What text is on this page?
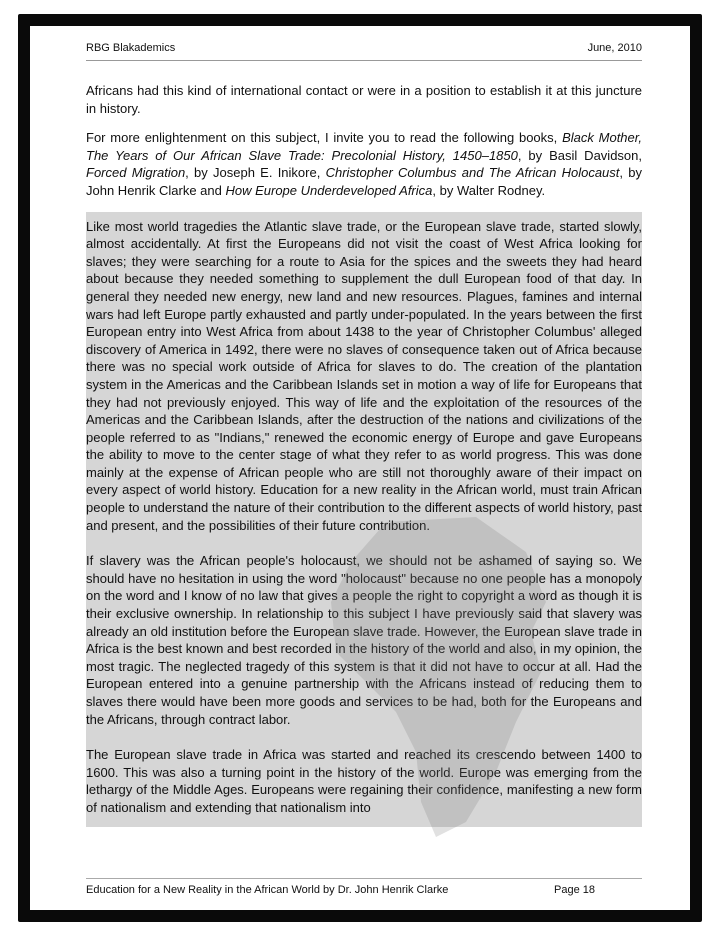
RBG Blakademics	June, 2010

Africans had this kind of international contact or were in a position to establish it at this juncture in history.

For more enlightenment on this subject, I invite you to read the following books, Black Mother, The Years of Our African Slave Trade: Precolonial History, 1450–1850, by Basil Davidson, Forced Migration, by Joseph E. Inikore, Christopher Columbus and The African Holocaust, by John Henrik Clarke and How Europe Underdeveloped Africa, by Walter Rodney.

Like most world tragedies the Atlantic slave trade, or the European slave trade, started slowly, almost accidentally. At first the Europeans did not visit the coast of West Africa looking for slaves; they were searching for a route to Asia for the spices and the sweets they had heard about because they needed something to supplement the dull European food of that day. In general they needed new energy, new land and new resources. Plagues, famines and internal wars had left Europe partly exhausted and partly under-populated. In the years between the first European entry into West Africa from about 1438 to the year of Christopher Columbus' alleged discovery of America in 1492, there were no slaves of consequence taken out of Africa because there was no special work outside of Africa for slaves to do. The creation of the plantation system in the Americas and the Caribbean Islands set in motion a way of life for Europeans that they had not previously enjoyed. This way of life and the exploitation of the resources of the Americas and the Caribbean Islands, after the destruction of the nations and civilizations of the people referred to as "Indians," renewed the economic energy of Europe and gave Europeans the ability to move to the center stage of what they refer to as world progress. This was done mainly at the expense of African people who are still not thoroughly aware of their impact on every aspect of world history. Education for a new reality in the African world, must train African people to understand the nature of their contribution to the different aspects of world history, past and present, and the possibilities of their future contribution.

If slavery was the African people's holocaust, we should not be ashamed of saying so. We should have no hesitation in using the word "holocaust" because no one people has a monopoly on the word and I know of no law that gives a people the right to copyright a word as though it is their exclusive ownership. In relationship to this subject I have previously said that slavery was already an old institution before the European slave trade. However, the European slave trade in Africa is the best known and best recorded in the history of the world and also, in my opinion, the most tragic. The neglected tragedy of this system is that it did not have to occur at all. Had the European entered into a genuine partnership with the Africans instead of reducing them to slaves there would have been more goods and services to be had, both for the Europeans and the Africans, through contract labor.

The European slave trade in Africa was started and reached its crescendo between 1400 to 1600. This was also a turning point in the history of the world. Europe was emerging from the lethargy of the Middle Ages. Europeans were regaining their confidence, manifesting a new form of nationalism and extending that nationalism into

Education for a New Reality in the African World by Dr. John Henrik Clarke	Page 18
